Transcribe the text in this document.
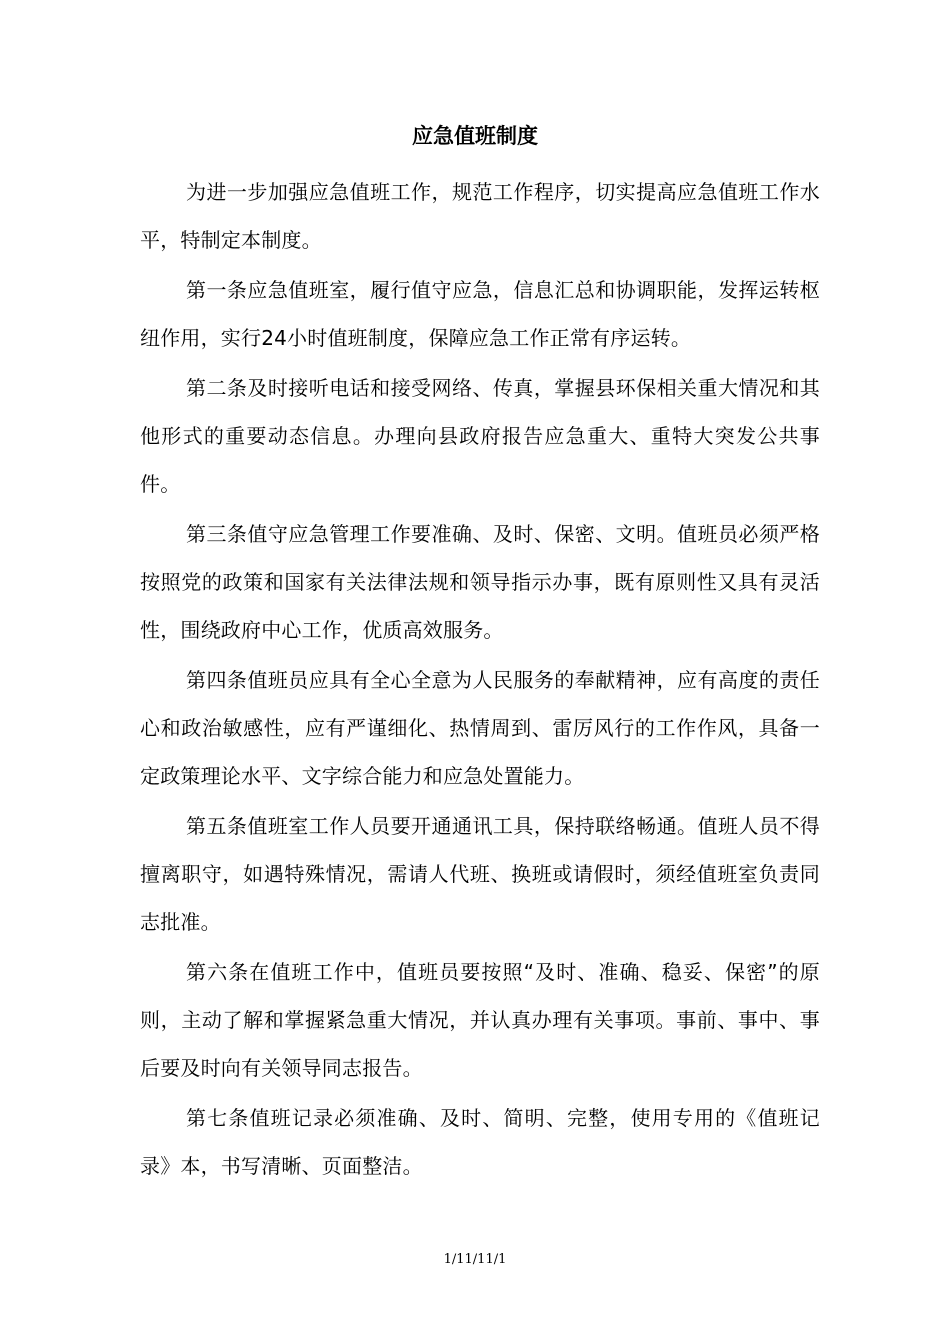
应急值班制度

为进一步加强应急值班工作，规范工作程序，切实提高应急值班工作水平，特制定本制度。

第一条应急值班室，履行值守应急，信息汇总和协调职能，发挥运转枢纽作用，实行24小时值班制度，保障应急工作正常有序运转。

第二条及时接听电话和接受网络、传真，掌握县环保相关重大情况和其他形式的重要动态信息。办理向县政府报告应急重大、重特大突发公共事件。

第三条值守应急管理工作要准确、及时、保密、文明。值班员必须严格按照党的政策和国家有关法律法规和领导指示办事，既有原则性又具有灵活性，围绕政府中心工作，优质高效服务。

第四条值班员应具有全心全意为人民服务的奉献精神，应有高度的责任心和政治敏感性，应有严谨细化、热情周到、雷厉风行的工作作风，具备一定政策理论水平、文字综合能力和应急处置能力。

第五条值班室工作人员要开通通讯工具，保持联络畅通。值班人员不得擅离职守，如遇特殊情况，需请人代班、换班或请假时，须经值班室负责同志批准。

第六条在值班工作中，值班员要按照“及时、准确、稳妥、保密”的原则，主动了解和掌握紧急重大情况，并认真办理有关事项。事前、事中、事后要及时向有关领导同志报告。

第七条值班记录必须准确、及时、简明、完整，使用专用的《值班记录》本，书写清晰、页面整洁。

1/11/11/1
